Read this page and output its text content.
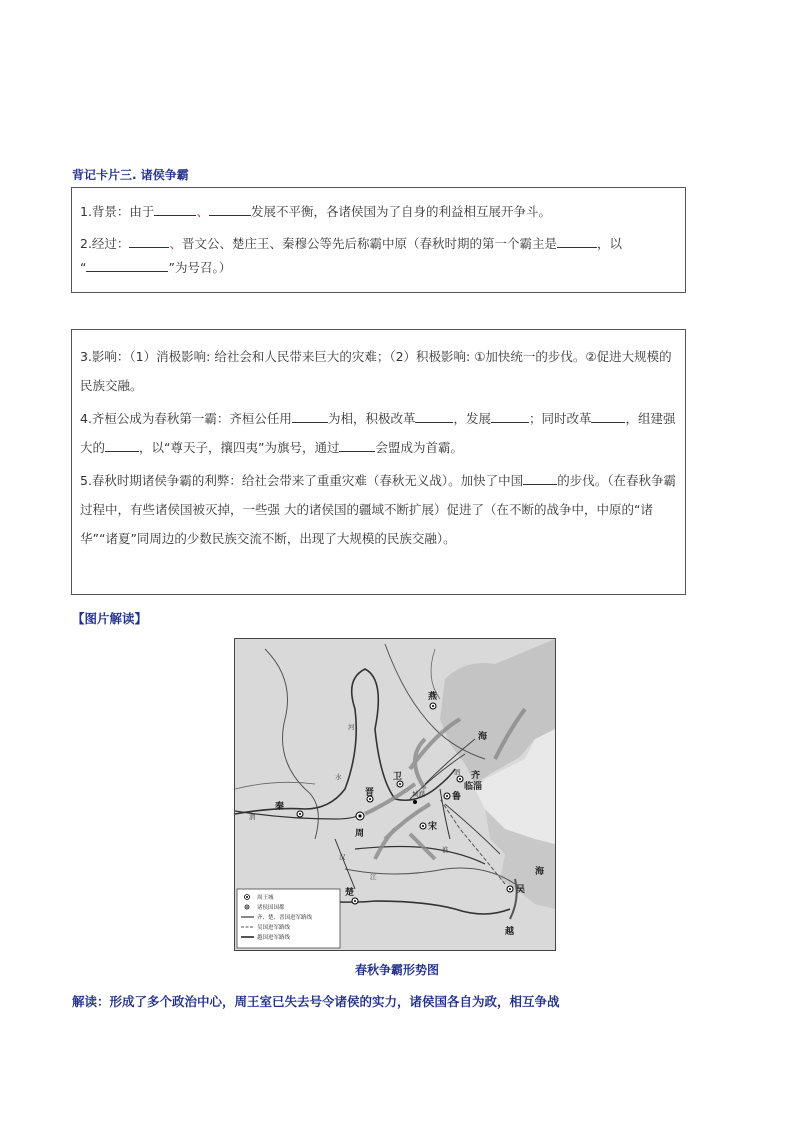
背记卡片三. 诸侯争霸

1.背景：由于	、	发展不平衡，各诸侯国为了自身的利益相互展开争斗。

2.经过：	、晋文公、楚庄王、秦穆公等先后称霸中原（春秋时期的第一个霸主是	，以
“	”为号召。）

3.影响：（1）消极影响: 给社会和人民带来巨大的灾难；（2）积极影响: ①加快统一的步伐。②促进大规模的民族交融。

4.齐桓公成为春秋第一霸：齐桓公任用	为相，积极改革	，发展	；同时改革	，组建强大的	，以“尊天子，攘四夷”为旗号，通过	会盟成为首霸。

5.春秋时期诸侯争霸的利弊：给社会带来了重重灾难（春秋无义战）。加快了中国	的步伐。（在春秋争霸过程中，有些诸侯国被灭掉，一些强 大的诸侯国的疆域不断扩展）促进了（在不断的战争中，中原的“诸华”“诸夏”同周边的少数民族交流不断，出现了大规模的民族交融）。

【图片解读】
燕
海
卫	齐
临淄
晋
秦
周
鲁
宋
城濮
楚	吴
越
海
河
水
渭
江
淮
泗
汉
周王城
诸侯国国都
齐、楚、晋国进军路线
吴国进军路线
越国进军路线
春秋争霸形势图
解读：形成了多个政治中心，周王室已失去号令诸侯的实力，诸侯国各自为政，相互争战
